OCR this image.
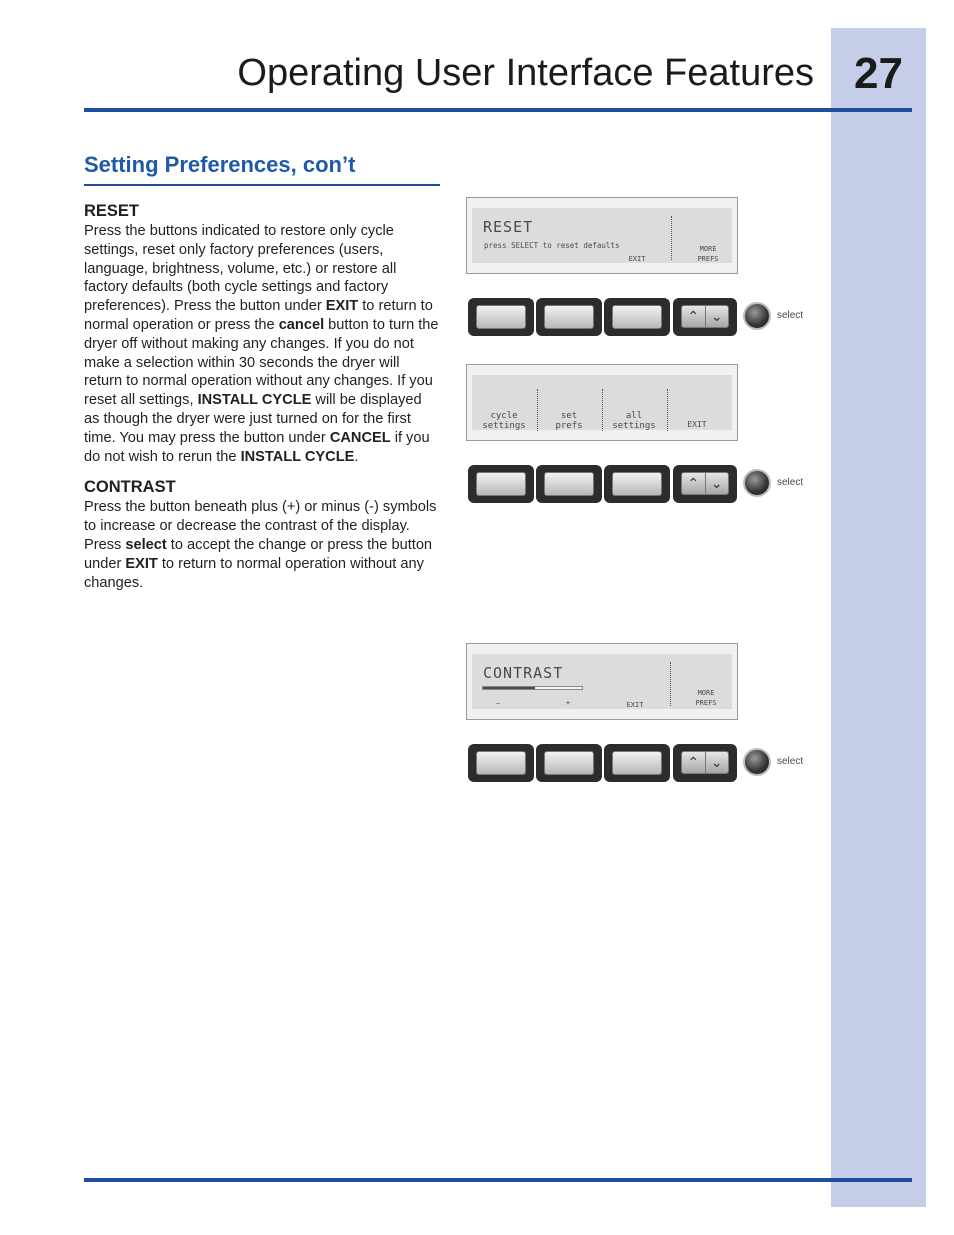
27
Operating User Interface Features
Setting Preferences, con’t
RESET

Press the buttons indicated to restore only cycle settings, reset only factory preferences (users, language, brightness, volume, etc.) or restore all factory defaults (both cycle settings and factory preferences). Press the button under EXIT to return to normal operation or press the cancel button to turn the dryer off without making any changes. If you do not make a selection within 30 seconds the dryer will return to normal operation without any changes. If you reset all settings, INSTALL CYCLE will be displayed as though the dryer were just turned on for the first time. You may press the button under CANCEL if you do not wish to rerun the INSTALL CYCLE.

CONTRAST

Press the button beneath plus (+) or minus (-) symbols to increase or decrease the contrast of the display. Press select to accept the change or press the button under EXIT to return to normal operation without any changes.

RESET
press SELECT to reset defaults
EXIT
MORE
PREFS
⌃ ⌄	select
cycle
settings
set
prefs
all
settings	EXIT
⌃ ⌄	select
CONTRAST
–	+	EXIT
MORE
PREFS
⌃ ⌄	select
